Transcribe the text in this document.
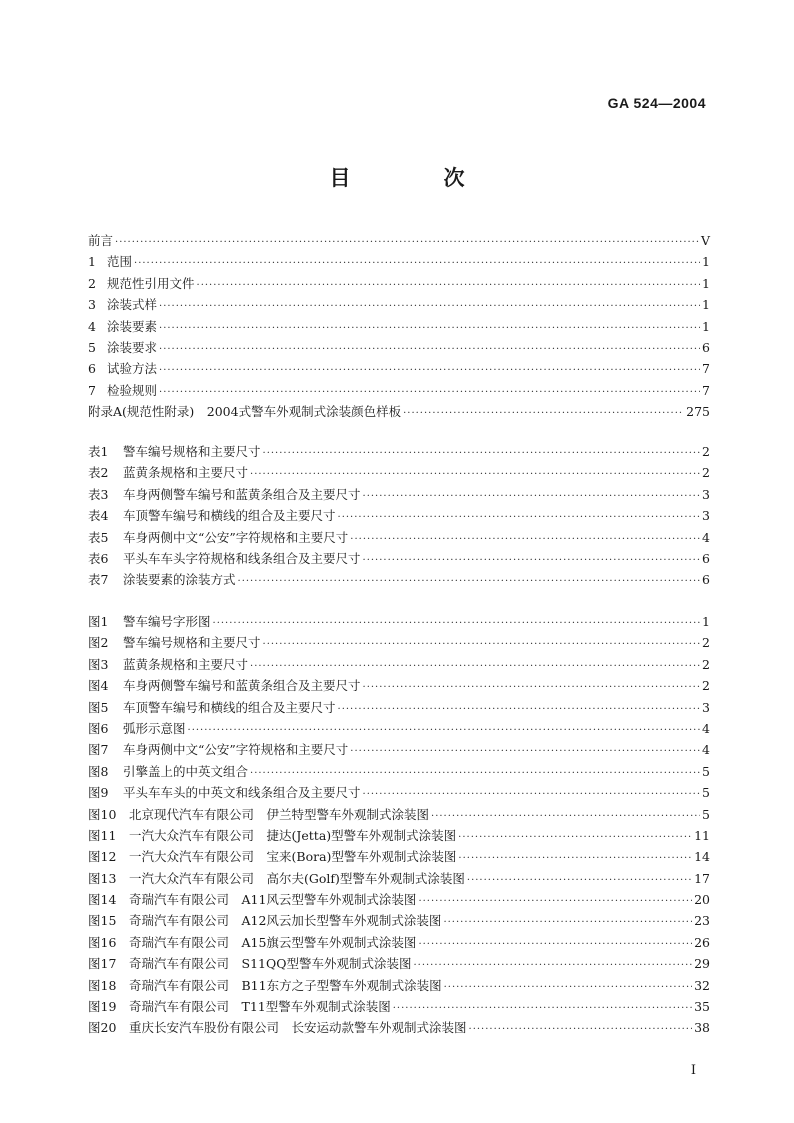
GA 524—2004
目　次
前言 ·····	V
1 范围 ·····	1
2 规范性引用文件 ·····	1
3 涂装式样 ·····	1
4 涂装要素 ·····	1
5 涂装要求 ·····	6
6 试验方法 ·····	7
7 检验规则 ·····	7
附录A(规范性附录)　2004式警车外观制式涂装颜色样板 ·····	275
表1	警车编号规格和主要尺寸 ·····	2
表2	蓝黄条规格和主要尺寸 ·····	2
表3	车身两侧警车编号和蓝黄条组合及主要尺寸 ·····	3
表4	车顶警车编号和横线的组合及主要尺寸 ·····	3
表5	车身两侧中文“公安”字符规格和主要尺寸 ·····	4
表6	平头车车头字符规格和线条组合及主要尺寸 ·····	6
表7	涂装要素的涂装方式 ·····	6
图1	警车编号字形图 ·····	1
图2	警车编号规格和主要尺寸 ·····	2
图3	蓝黄条规格和主要尺寸 ·····	2
图4	车身两侧警车编号和蓝黄条组合及主要尺寸 ·····	2
图5	车顶警车编号和横线的组合及主要尺寸 ·····	3
图6	弧形示意图 ·····	4
图7	车身两侧中文“公安”字符规格和主要尺寸 ·····	4
图8	引擎盖上的中英文组合 ·····	5
图9	平头车车头的中英文和线条组合及主要尺寸 ·····	5
图10	北京现代汽车有限公司　伊兰特型警车外观制式涂装图 ·····	5
图11	一汽大众汽车有限公司　捷达(Jetta)型警车外观制式涂装图 ·····	11
图12	一汽大众汽车有限公司　宝来(Bora)型警车外观制式涂装图 ·····	14
图13	一汽大众汽车有限公司　高尔夫(Golf)型警车外观制式涂装图 ·····	17
图14	奇瑞汽车有限公司　A11风云型警车外观制式涂装图 ·····	20
图15	奇瑞汽车有限公司　A12风云加长型警车外观制式涂装图 ·····	23
图16	奇瑞汽车有限公司　A15旗云型警车外观制式涂装图 ·····	26
图17	奇瑞汽车有限公司　S11QQ型警车外观制式涂装图 ·····	29
图18	奇瑞汽车有限公司　B11东方之子型警车外观制式涂装图 ·····	32
图19	奇瑞汽车有限公司　T11型警车外观制式涂装图 ·····	35
图20	重庆长安汽车股份有限公司　长安运动款警车外观制式涂装图 ·····	38
I
